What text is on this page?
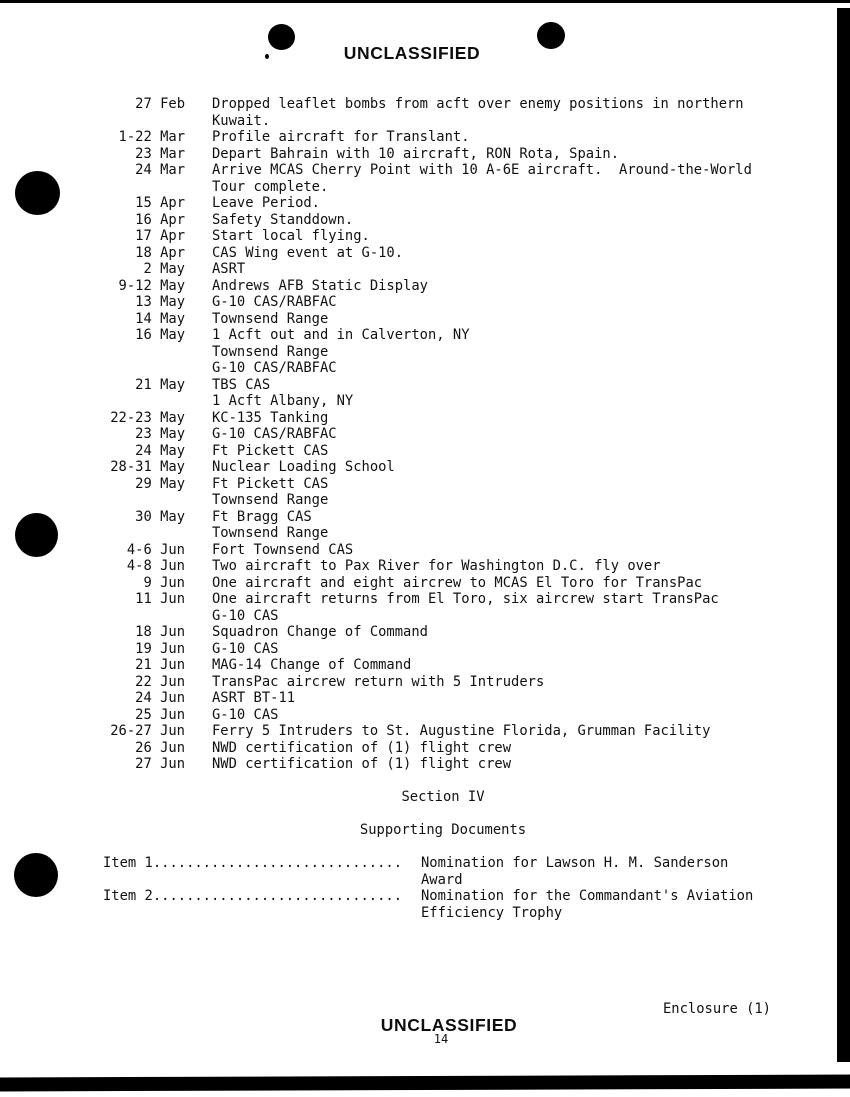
UNCLASSIFIED
UNCLASSIFIED
14
Enclosure (1)
27 Feb Dropped leaflet bombs from acft over enemy positions in northern
Kuwait.
1-22 Mar Profile aircraft for Translant.
23 Mar Depart Bahrain with 10 aircraft, RON Rota, Spain.
24 Mar Arrive MCAS Cherry Point with 10 A-6E aircraft.  Around-the-World
Tour complete.
15 Apr Leave Period.
16 Apr Safety Standdown.
17 Apr Start local flying.
18 Apr CAS Wing event at G-10.
2 May ASRT
9-12 May Andrews AFB Static Display
13 May G-10 CAS/RABFAC
14 May Townsend Range
16 May 1 Acft out and in Calverton, NY
Townsend Range
G-10 CAS/RABFAC
21 May TBS CAS
1 Acft Albany, NY
22-23 May KC-135 Tanking
23 May G-10 CAS/RABFAC
24 May Ft Pickett CAS
28-31 May Nuclear Loading School
29 May Ft Pickett CAS
Townsend Range
30 May Ft Bragg CAS
Townsend Range
4-6 Jun Fort Townsend CAS
4-8 Jun Two aircraft to Pax River for Washington D.C. fly over
9 Jun One aircraft and eight aircrew to MCAS El Toro for TransPac
11 Jun One aircraft returns from El Toro, six aircrew start TransPac
G-10 CAS
18 Jun Squadron Change of Command
19 Jun G-10 CAS
21 Jun MAG-14 Change of Command
22 Jun TransPac aircrew return with 5 Intruders
24 Jun ASRT BT-11
25 Jun G-10 CAS
26-27 Jun Ferry 5 Intruders to St. Augustine Florida, Grumman Facility
26 Jun NWD certification of (1) flight crew
27 Jun NWD certification of (1) flight crew
Section IV
Supporting Documents
Item 1..............................	Nomination for Lawson H. M. Sanderson
Award
Item 2..............................	Nomination for the Commandant's Aviation
Efficiency Trophy
